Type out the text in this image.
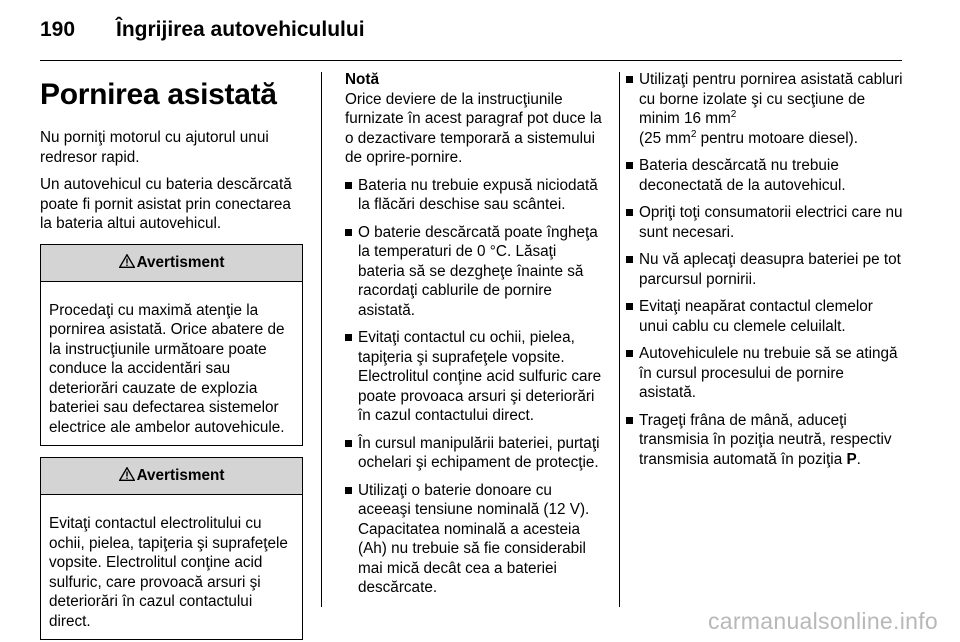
190 Îngrijirea autovehiculului
Pornirea asistată

Nu porniţi motorul cu ajutorul unui redresor rapid.

Un autovehicul cu bateria descărcată poate fi pornit asistat prin conectarea la bateria altui autovehicul.

Avertisment
Procedaţi cu maximă atenţie la pornirea asistată. Orice abatere de la instrucţiunile următoare poate conduce la accidentări sau deteriorări cauzate de explozia bateriei sau defectarea sistemelor electrice ale ambelor autovehicule.
Avertisment
Evitaţi contactul electrolitului cu ochii, pielea, tapiţeria şi suprafeţele vopsite. Electrolitul conţine acid sulfuric, care provoacă arsuri şi deteriorări în cazul contactului direct.
Notă

Orice deviere de la instrucţiunile furnizate în acest paragraf pot duce la o dezactivare temporară a sistemului de oprire-pornire.

Bateria nu trebuie expusă niciodată la flăcări deschise sau scântei.
O baterie descărcată poate îngheţa la temperaturi de 0 °C. Lăsaţi bateria să se dezgheţe înainte să racordaţi cablurile de pornire asistată.
Evitaţi contactul cu ochii, pielea, tapiţeria şi suprafeţele vopsite. Electrolitul conţine acid sulfuric care poate provoaca arsuri şi deteriorări în cazul contactului direct.
În cursul manipulării bateriei, purtaţi ochelari şi echipament de protecţie.
Utilizaţi o baterie donoare cu aceeaşi tensiune nominală (12 V). Capacitatea nominală a acesteia (Ah) nu trebuie să fie considerabil mai mică decât cea a bateriei descărcate.
Utilizaţi pentru pornirea asistată cabluri cu borne izolate şi cu secţiune de minim 16 $mm^2$
(25 $mm^2$ pentru motoare diesel).
Bateria descărcată nu trebuie deconectată de la autovehicul.
Opriţi toţi consumatorii electrici care nu sunt necesari.
Nu vă aplecaţi deasupra bateriei pe tot parcursul pornirii.
Evitaţi neapărat contactul clemelor unui cablu cu clemele celuilalt.
Autovehiculele nu trebuie să se atingă în cursul procesului de pornire asistată.
Trageţi frâna de mână, aduceţi transmisia în poziţia neutră, respectiv transmisia automată în poziţia P.
carmanualsonline.info
